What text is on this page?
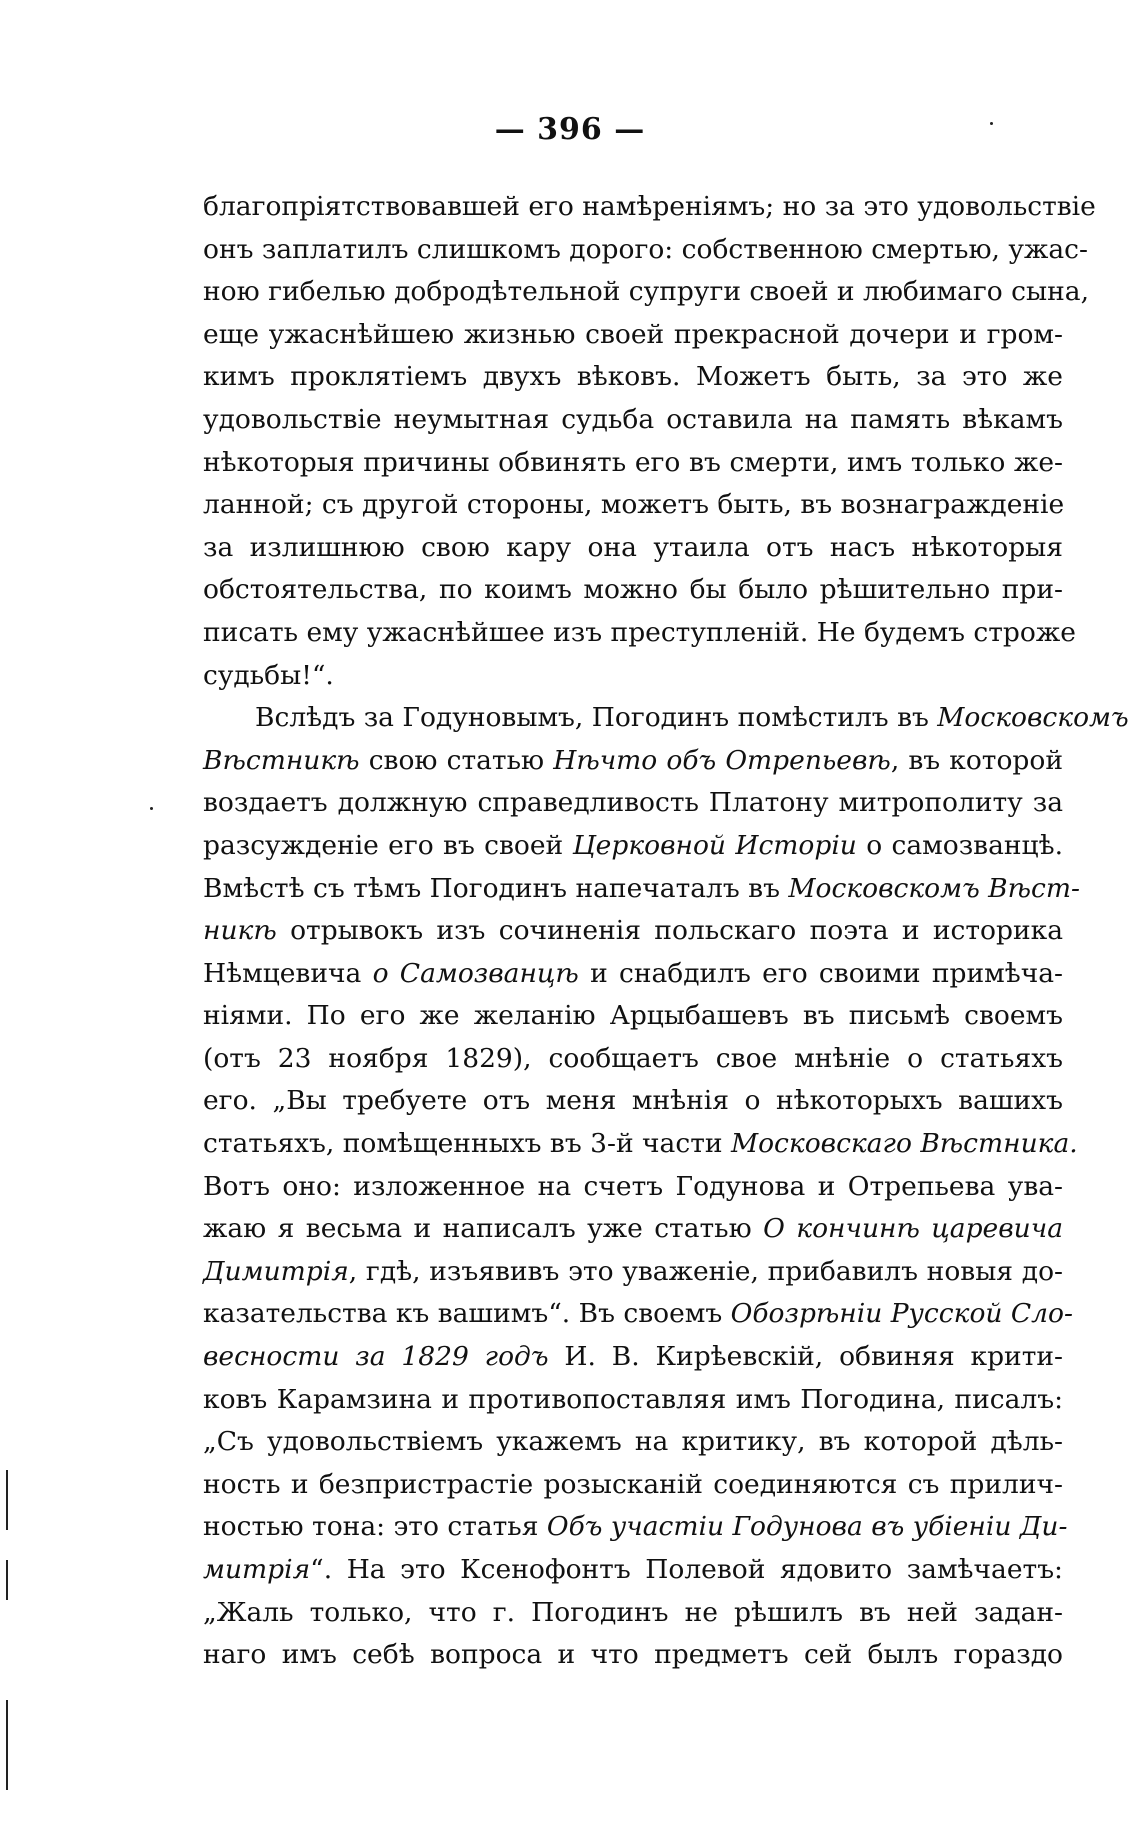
— 396 —
благопріятствовавшей его намѣреніямъ; но за это удовольствіе
онъ заплатилъ слишкомъ дорого: собственною смертью, ужас-
ною гибелью добродѣтельной супруги своей и любимаго сына,
еще ужаснѣйшею жизнью своей прекрасной дочери и гром-
кимъ проклятіемъ двухъ вѣковъ. Можетъ быть, за это же
удовольствіе неумытная судьба оставила на память вѣкамъ
нѣкоторыя причины обвинять его въ смерти, имъ только же-
ланной; съ другой стороны, можетъ быть, въ вознагражденіе
за излишнюю свою кару она утаила отъ насъ нѣкоторыя
обстоятельства, по коимъ можно бы было рѣшительно при-
писать ему ужаснѣйшее изъ преступленій. Не будемъ строже
судьбы!“.
Вслѣдъ за Годуновымъ, Погодинъ помѣстилъ въ Московскомъ
Вѣстникѣ свою статью Нѣчто объ Отрепьевѣ, въ которой
воздаетъ должную справедливость Платону митрополиту за
разсужденіе его въ своей Церковной Исторіи о самозванцѣ.
Вмѣстѣ съ тѣмъ Погодинъ напечаталъ въ Московскомъ Вѣст-
никѣ отрывокъ изъ сочиненія польскаго поэта и историка
Нѣмцевича о Самозванцѣ и снабдилъ его своими примѣча-
ніями. По его же желанію Арцыбашевъ въ письмѣ своемъ
(отъ 23 ноября 1829), сообщаетъ свое мнѣніе о статьяхъ
его. „Вы требуете отъ меня мнѣнія о нѣкоторыхъ вашихъ
статьяхъ, помѣщенныхъ въ 3-й части Московскаго Вѣстника.
Вотъ оно: изложенное на счетъ Годунова и Отрепьева ува-
жаю я весьма и написалъ уже статью О кончинѣ царевича
Димитрія, гдѣ, изъявивъ это уваженіе, прибавилъ новыя до-
казательства къ вашимъ“. Въ своемъ Обозрѣніи Русской Сло-
весности за 1829 годъ И. В. Кирѣевскій, обвиняя крити-
ковъ Карамзина и противопоставляя имъ Погодина, писалъ:
„Съ удовольствіемъ укажемъ на критику, въ которой дѣль-
ность и безпристрастіе розысканій соединяются съ прилич-
ностью тона: это статья Объ участіи Годунова въ убіеніи Ди-
митрія“. На это Ксенофонтъ Полевой ядовито замѣчаетъ:
„Жаль только, что г. Погодинъ не рѣшилъ въ ней задан-
наго имъ себѣ вопроса и что предметъ сей былъ гораздо
